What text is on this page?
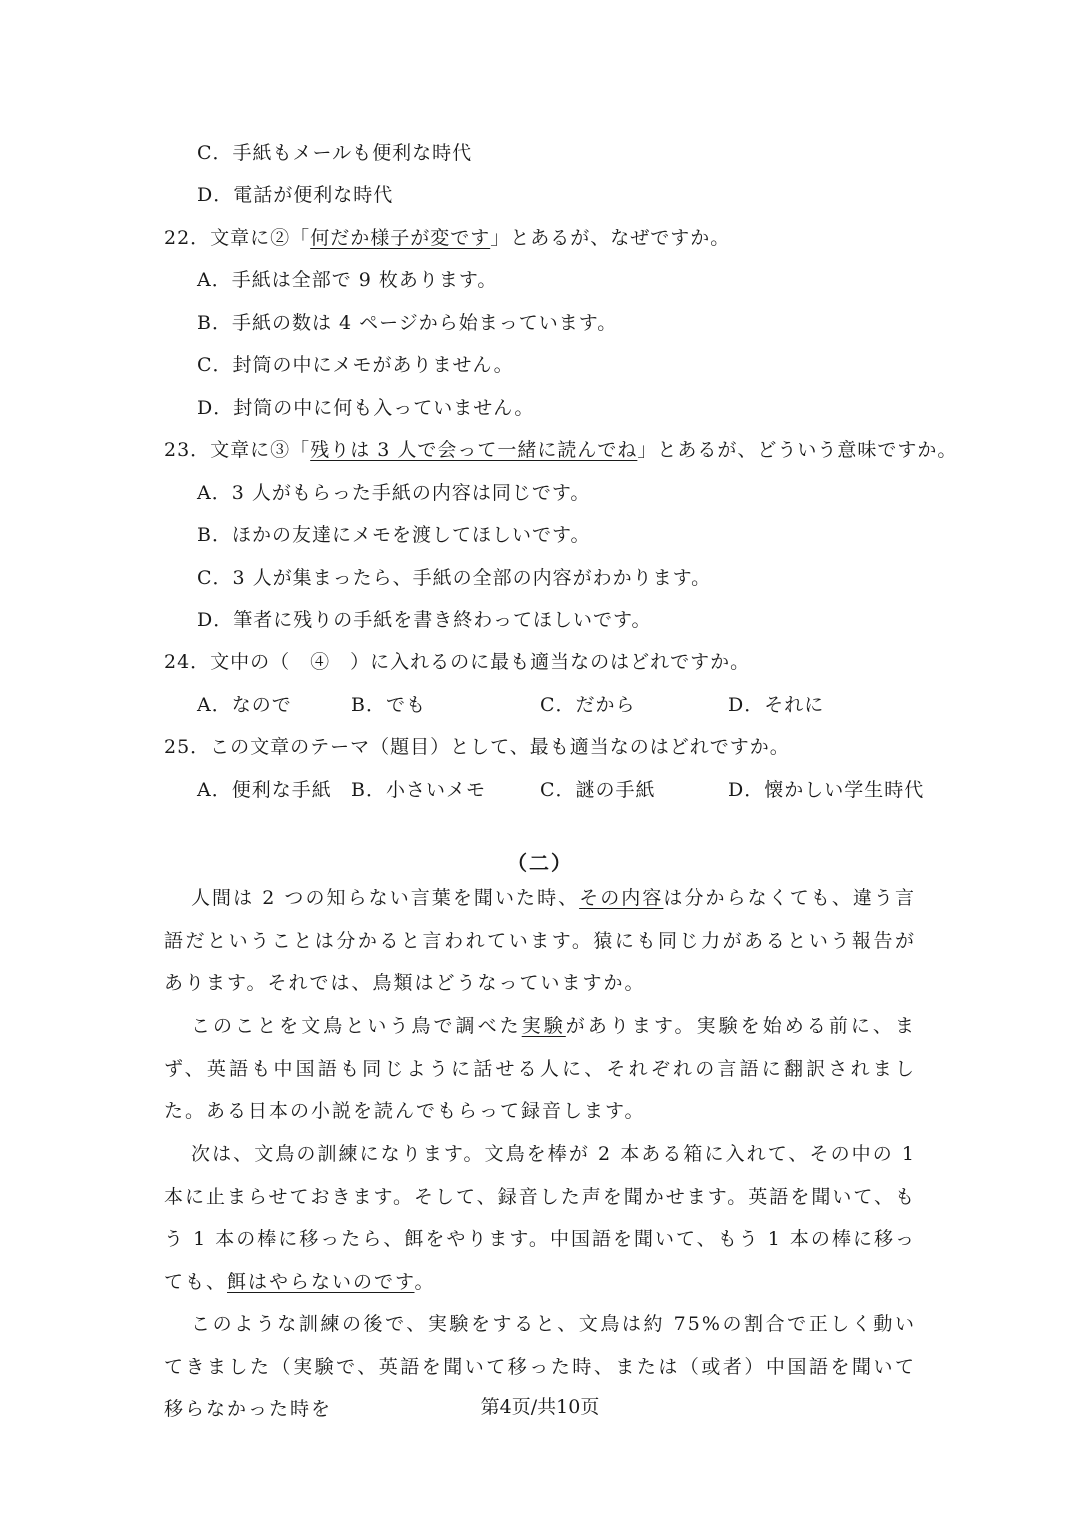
C．手紙もメールも便利な時代
D．電話が便利な時代
22．文章に②「何だか様子が変です」とあるが、なぜですか。
A．手紙は全部で 9 枚あります。
B．手紙の数は 4 ページから始まっています。
C．封筒の中にメモがありません。
D．封筒の中に何も入っていません。
23．文章に③「残りは 3 人で会って一緒に読んでね」とあるが、どういう意味ですか。
A．3 人がもらった手紙の内容は同じです。
B．ほかの友達にメモを渡してほしいです。
C．3 人が集まったら、手紙の全部の内容がわかります。
D．筆者に残りの手紙を書き終わってほしいです。
24．文中の（　④　）に入れるのに最も適当なのはどれですか。
A．なので	B．でも	C．だから	D．それに
25．この文章のテーマ（題目）として、最も適当なのはどれですか。
A．便利な手紙 B．小さいメモ	C．謎の手紙	D．懐かしい学生時代
（二）
人間は 2 つの知らない言葉を聞いた時、その内容は分からなくても、違う言語だということは分かると言われています。猿にも同じ力があるという報告があります。それでは、鳥類はどうなっていますか。
このことを文鳥という鳥で調べた実験があります。実験を始める前に、まず、英語も中国語も同じように話せる人に、それぞれの言語に翻訳されました。ある日本の小説を読んでもらって録音します。
次は、文鳥の訓練になります。文鳥を棒が 2 本ある箱に入れて、その中の 1 本に止まらせておきます。そして、録音した声を聞かせます。英語を聞いて、もう 1 本の棒に移ったら、餌をやります。中国語を聞いて、もう 1 本の棒に移っても、餌はやらないのです。
このような訓練の後で、実験をすると、文鳥は約 75%の割合で正しく動いてきました（実験で、英語を聞いて移った時、または（或者）中国語を聞いて移らなかった時を	第4页/共10页
